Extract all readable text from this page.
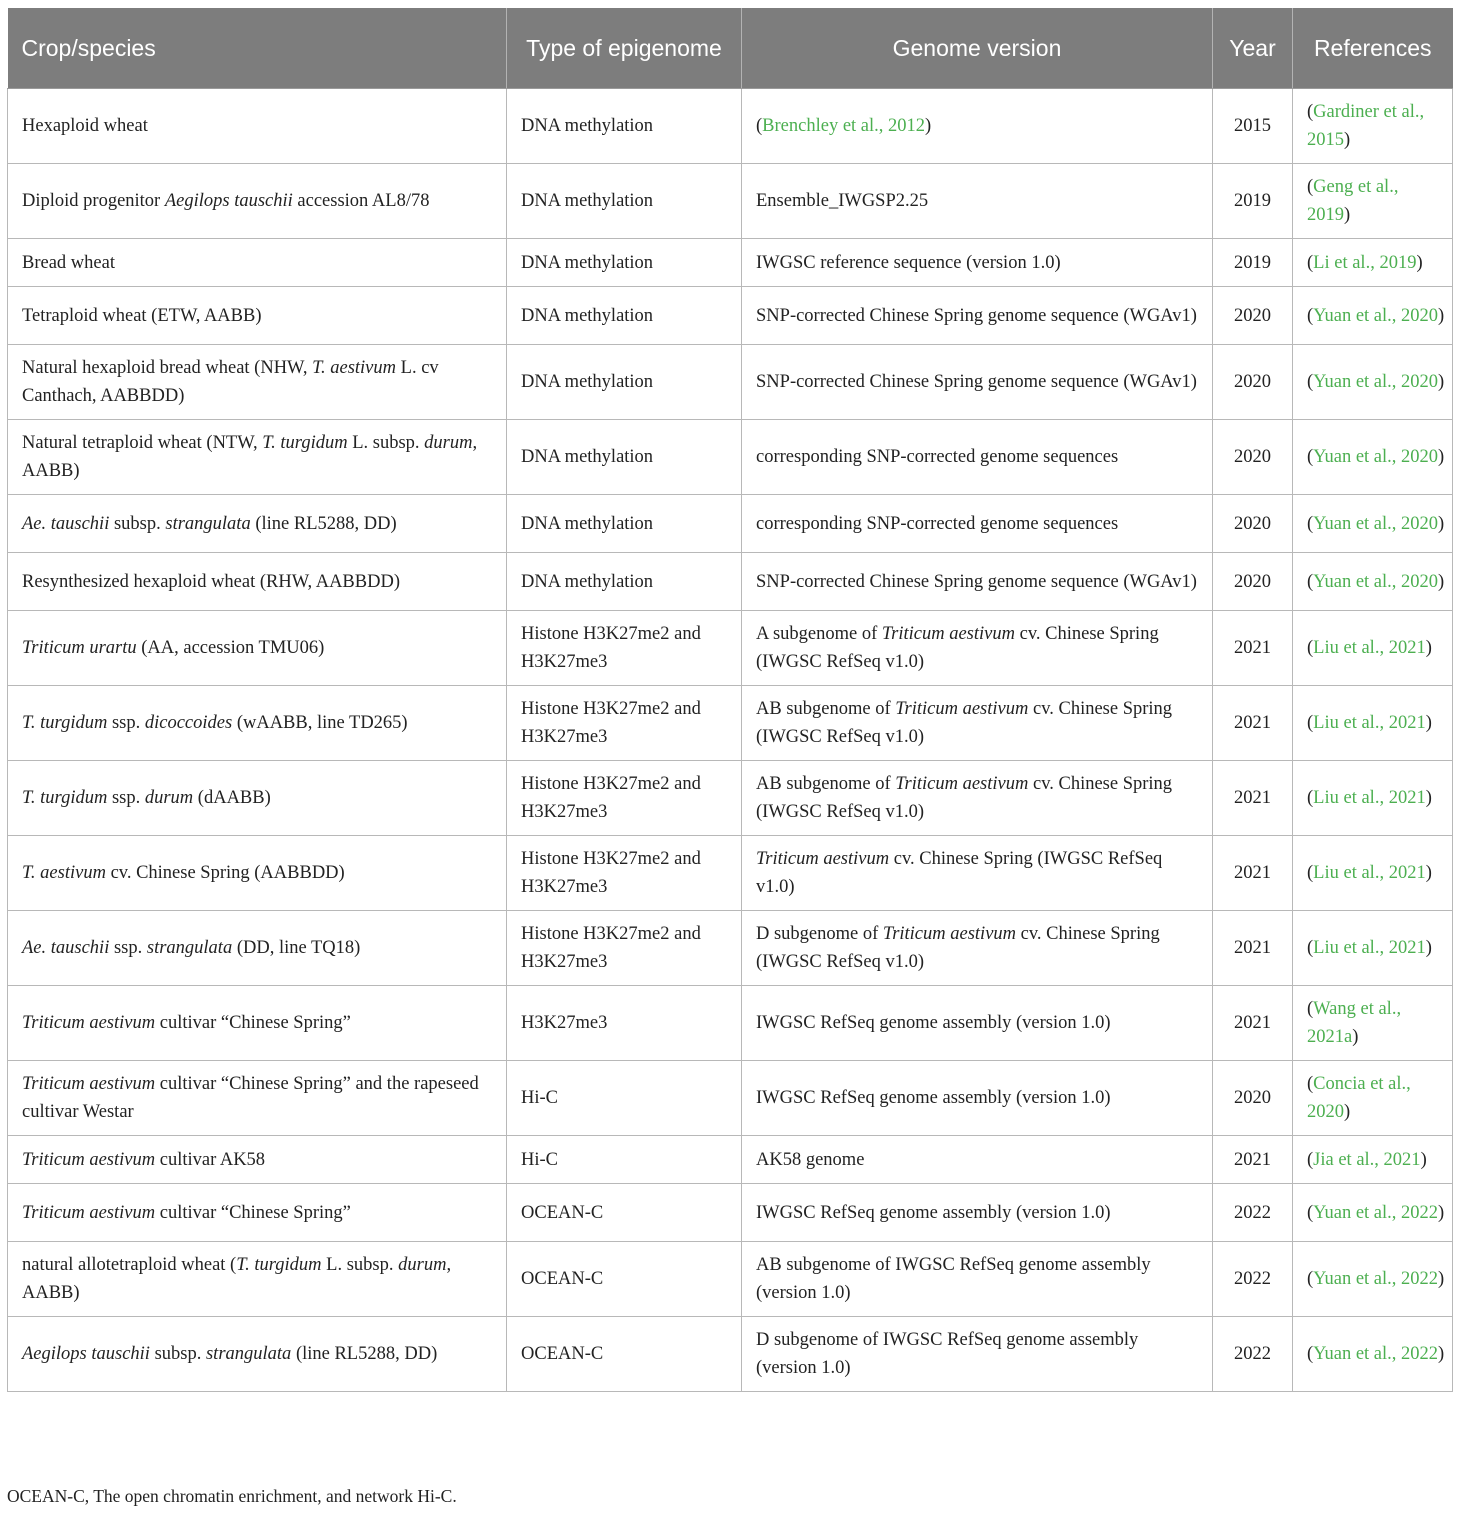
Crop/species	Type of epigenome	Genome version	Year	References
Hexaploid wheat	DNA methylation	(Brenchley et al., 2012)	2015	(Gardiner et al., 2015)
Diploid progenitor Aegilops tauschii accession AL8/78	DNA methylation	Ensemble_IWGSP2.25	2019	(Geng et al., 2019)
Bread wheat	DNA methylation	IWGSC reference sequence (version 1.0)	2019	(Li et al., 2019)
Tetraploid wheat (ETW, AABB)	DNA methylation	SNP-corrected Chinese Spring genome sequence (WGAv1)	2020	(Yuan et al., 2020)
Natural hexaploid bread wheat (NHW, T. aestivum L. cv Canthach, AABBDD)	DNA methylation	SNP-corrected Chinese Spring genome sequence (WGAv1)	2020	(Yuan et al., 2020)
Natural tetraploid wheat (NTW, T. turgidum L. subsp. durum, AABB)	DNA methylation	corresponding SNP-corrected genome sequences	2020	(Yuan et al., 2020)
Ae. tauschii subsp. strangulata (line RL5288, DD)	DNA methylation	corresponding SNP-corrected genome sequences	2020	(Yuan et al., 2020)
Resynthesized hexaploid wheat (RHW, AABBDD)	DNA methylation	SNP-corrected Chinese Spring genome sequence (WGAv1)	2020	(Yuan et al., 2020)
Triticum urartu (AA, accession TMU06)	Histone H3K27me2 and H3K27me3	A subgenome of Triticum aestivum cv. Chinese Spring (IWGSC RefSeq v1.0)	2021	(Liu et al., 2021)
T. turgidum ssp. dicoccoides (wAABB, line TD265)	Histone H3K27me2 and H3K27me3	AB subgenome of Triticum aestivum cv. Chinese Spring (IWGSC RefSeq v1.0)	2021	(Liu et al., 2021)
T. turgidum ssp. durum (dAABB)	Histone H3K27me2 and H3K27me3	AB subgenome of Triticum aestivum cv. Chinese Spring (IWGSC RefSeq v1.0)	2021	(Liu et al., 2021)
T. aestivum cv. Chinese Spring (AABBDD)	Histone H3K27me2 and H3K27me3	Triticum aestivum cv. Chinese Spring (IWGSC RefSeq v1.0)	2021	(Liu et al., 2021)
Ae. tauschii ssp. strangulata (DD, line TQ18)	Histone H3K27me2 and H3K27me3	D subgenome of Triticum aestivum cv. Chinese Spring (IWGSC RefSeq v1.0)	2021	(Liu et al., 2021)
Triticum aestivum cultivar “Chinese Spring”	H3K27me3	IWGSC RefSeq genome assembly (version 1.0)	2021	(Wang et al., 2021a)
Triticum aestivum cultivar “Chinese Spring” and the rapeseed cultivar Westar	Hi-C	IWGSC RefSeq genome assembly (version 1.0)	2020	(Concia et al., 2020)
Triticum aestivum cultivar AK58	Hi-C	AK58 genome	2021	(Jia et al., 2021)
Triticum aestivum cultivar “Chinese Spring”	OCEAN-C	IWGSC RefSeq genome assembly (version 1.0)	2022	(Yuan et al., 2022)
natural allotetraploid wheat (T. turgidum L. subsp. durum, AABB)	OCEAN-C	AB subgenome of IWGSC RefSeq genome assembly (version 1.0)	2022	(Yuan et al., 2022)
Aegilops tauschii subsp. strangulata (line RL5288, DD)	OCEAN-C	D subgenome of IWGSC RefSeq genome assembly (version 1.0)	2022	(Yuan et al., 2022)
OCEAN-C, The open chromatin enrichment, and network Hi-C.
